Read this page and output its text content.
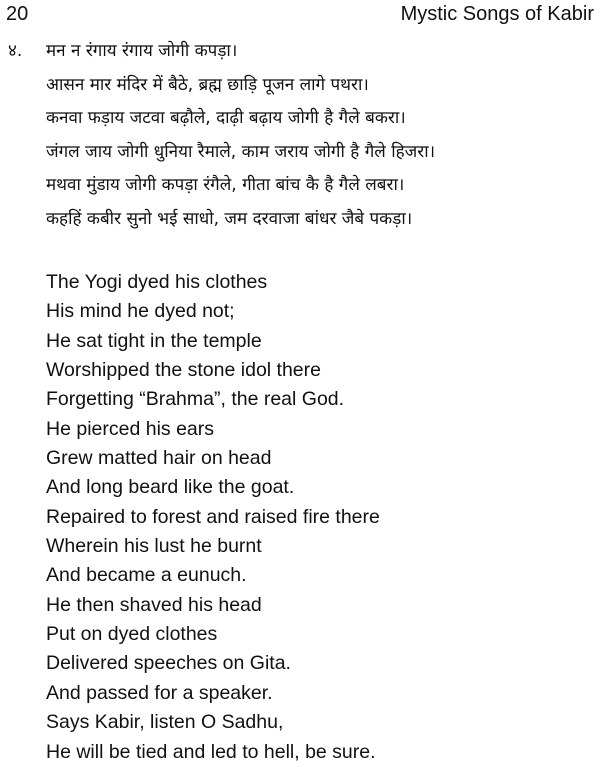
20	Mystic Songs of Kabir
४. मन न रंगाय रंगाय जोगी कपड़ा।
आसन मार मंदिर में बैठे, ब्रह्म छाड़ि पूजन लागे पथरा।
कनवा फड़ाय जटवा बढ़ौले, दाढ़ी बढ़ाय जोगी है गैले बकरा।
जंगल जाय जोगी धुनिया रैमाले, काम जराय जोगी है गैले हिजरा।
मथवा मुंडाय जोगी कपड़ा रंगैले, गीता बांच कै है गैले लबरा।
कहहिं कबीर सुनो भई साधो, जम दरवाजा बांधर जैबे पकड़ा।
The Yogi dyed his clothes
His mind he dyed not;
He sat tight in the temple
Worshipped the stone idol there
Forgetting “Brahma”, the real God.
He pierced his ears
Grew matted hair on head
And long beard like the goat.
Repaired to forest and raised fire there
Wherein his lust he burnt
And became a eunuch.
He then shaved his head
Put on dyed clothes
Delivered speeches on Gita.
And passed for a speaker.
Says Kabir, listen O Sadhu,
He will be tied and led to hell, be sure.
